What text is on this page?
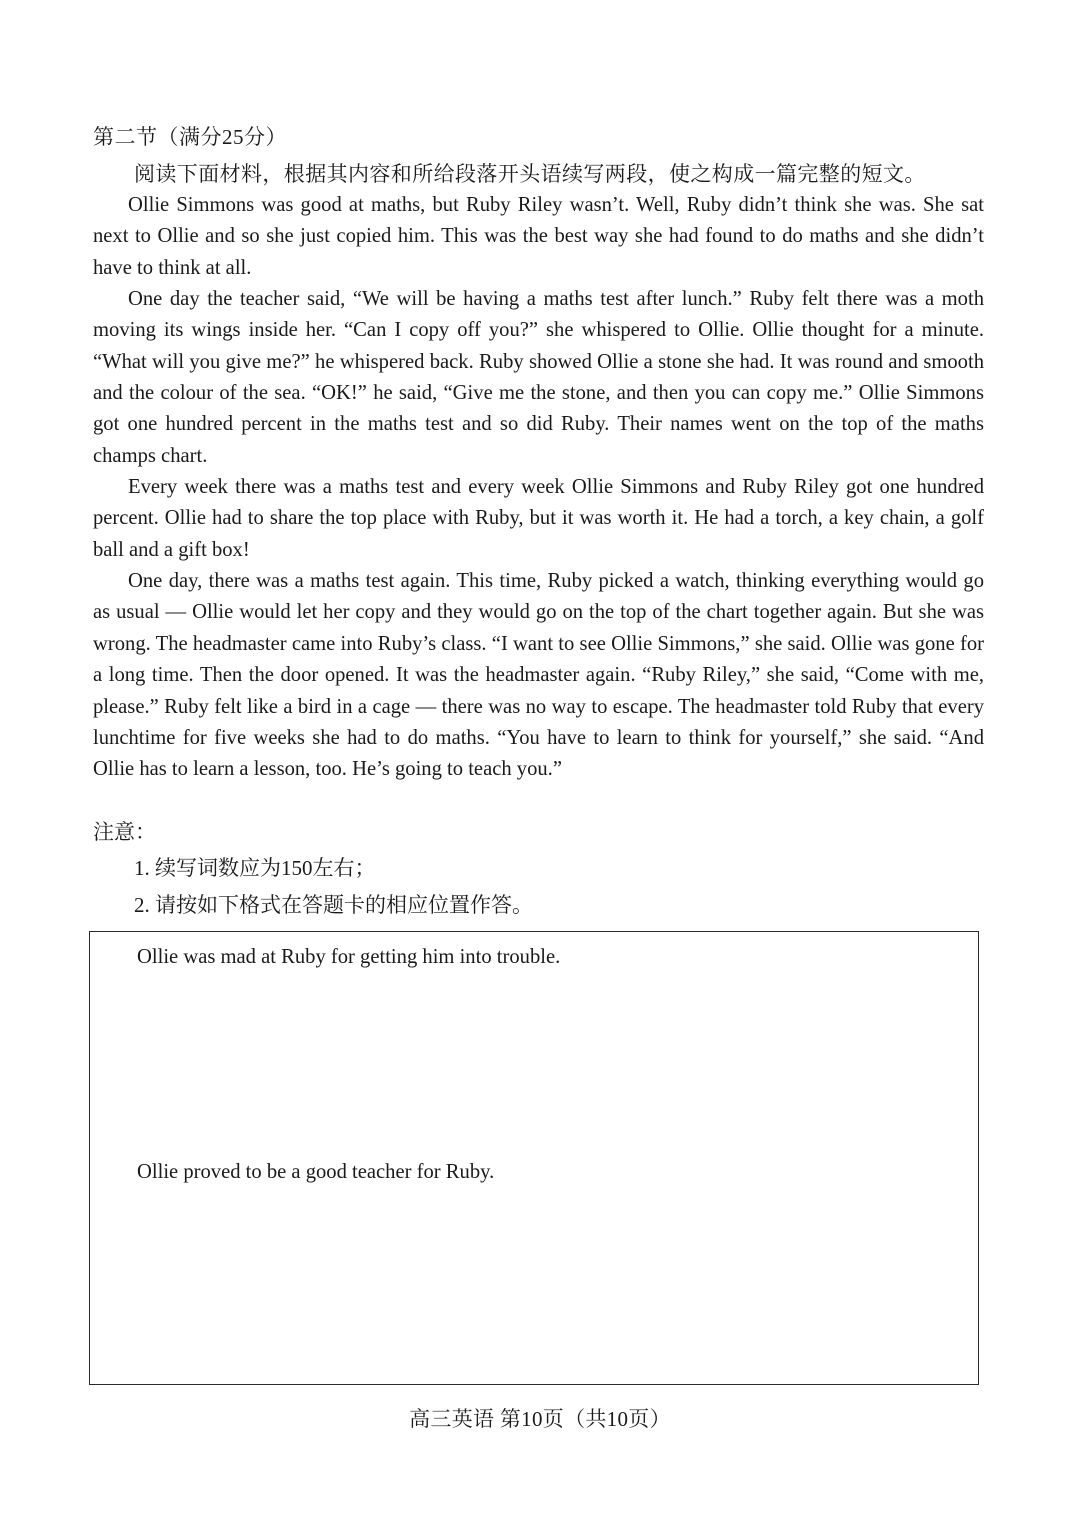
第二节（满分25分）
阅读下面材料，根据其内容和所给段落开头语续写两段，使之构成一篇完整的短文。

Ollie Simmons was good at maths, but Ruby Riley wasn’t. Well, Ruby didn’t think she was. She sat next to Ollie and so she just copied him. This was the best way she had found to do maths and she didn’t have to think at all.

One day the teacher said, “We will be having a maths test after lunch.” Ruby felt there was a moth moving its wings inside her. “Can I copy off you?” she whispered to Ollie. Ollie thought for a minute. “What will you give me?” he whispered back. Ruby showed Ollie a stone she had. It was round and smooth and the colour of the sea. “OK!” he said, “Give me the stone, and then you can copy me.” Ollie Simmons got one hundred percent in the maths test and so did Ruby. Their names went on the top of the maths champs chart.

Every week there was a maths test and every week Ollie Simmons and Ruby Riley got one hundred percent. Ollie had to share the top place with Ruby, but it was worth it. He had a torch, a key chain, a golf ball and a gift box!

One day, there was a maths test again. This time, Ruby picked a watch, thinking everything would go as usual — Ollie would let her copy and they would go on the top of the chart together again. But she was wrong. The headmaster came into Ruby’s class. “I want to see Ollie Simmons,” she said. Ollie was gone for a long time. Then the door opened. It was the headmaster again. “Ruby Riley,” she said, “Come with me, please.” Ruby felt like a bird in a cage — there was no way to escape. The headmaster told Ruby that every lunchtime for five weeks she had to do maths. “You have to learn to think for yourself,” she said. “And Ollie has to learn a lesson, too. He’s going to teach you.”

注意：
1. 续写词数应为150左右；
2. 请按如下格式在答题卡的相应位置作答。
Ollie was mad at Ruby for getting him into trouble.
Ollie proved to be a good teacher for Ruby.
高三英语 第10页（共10页）
